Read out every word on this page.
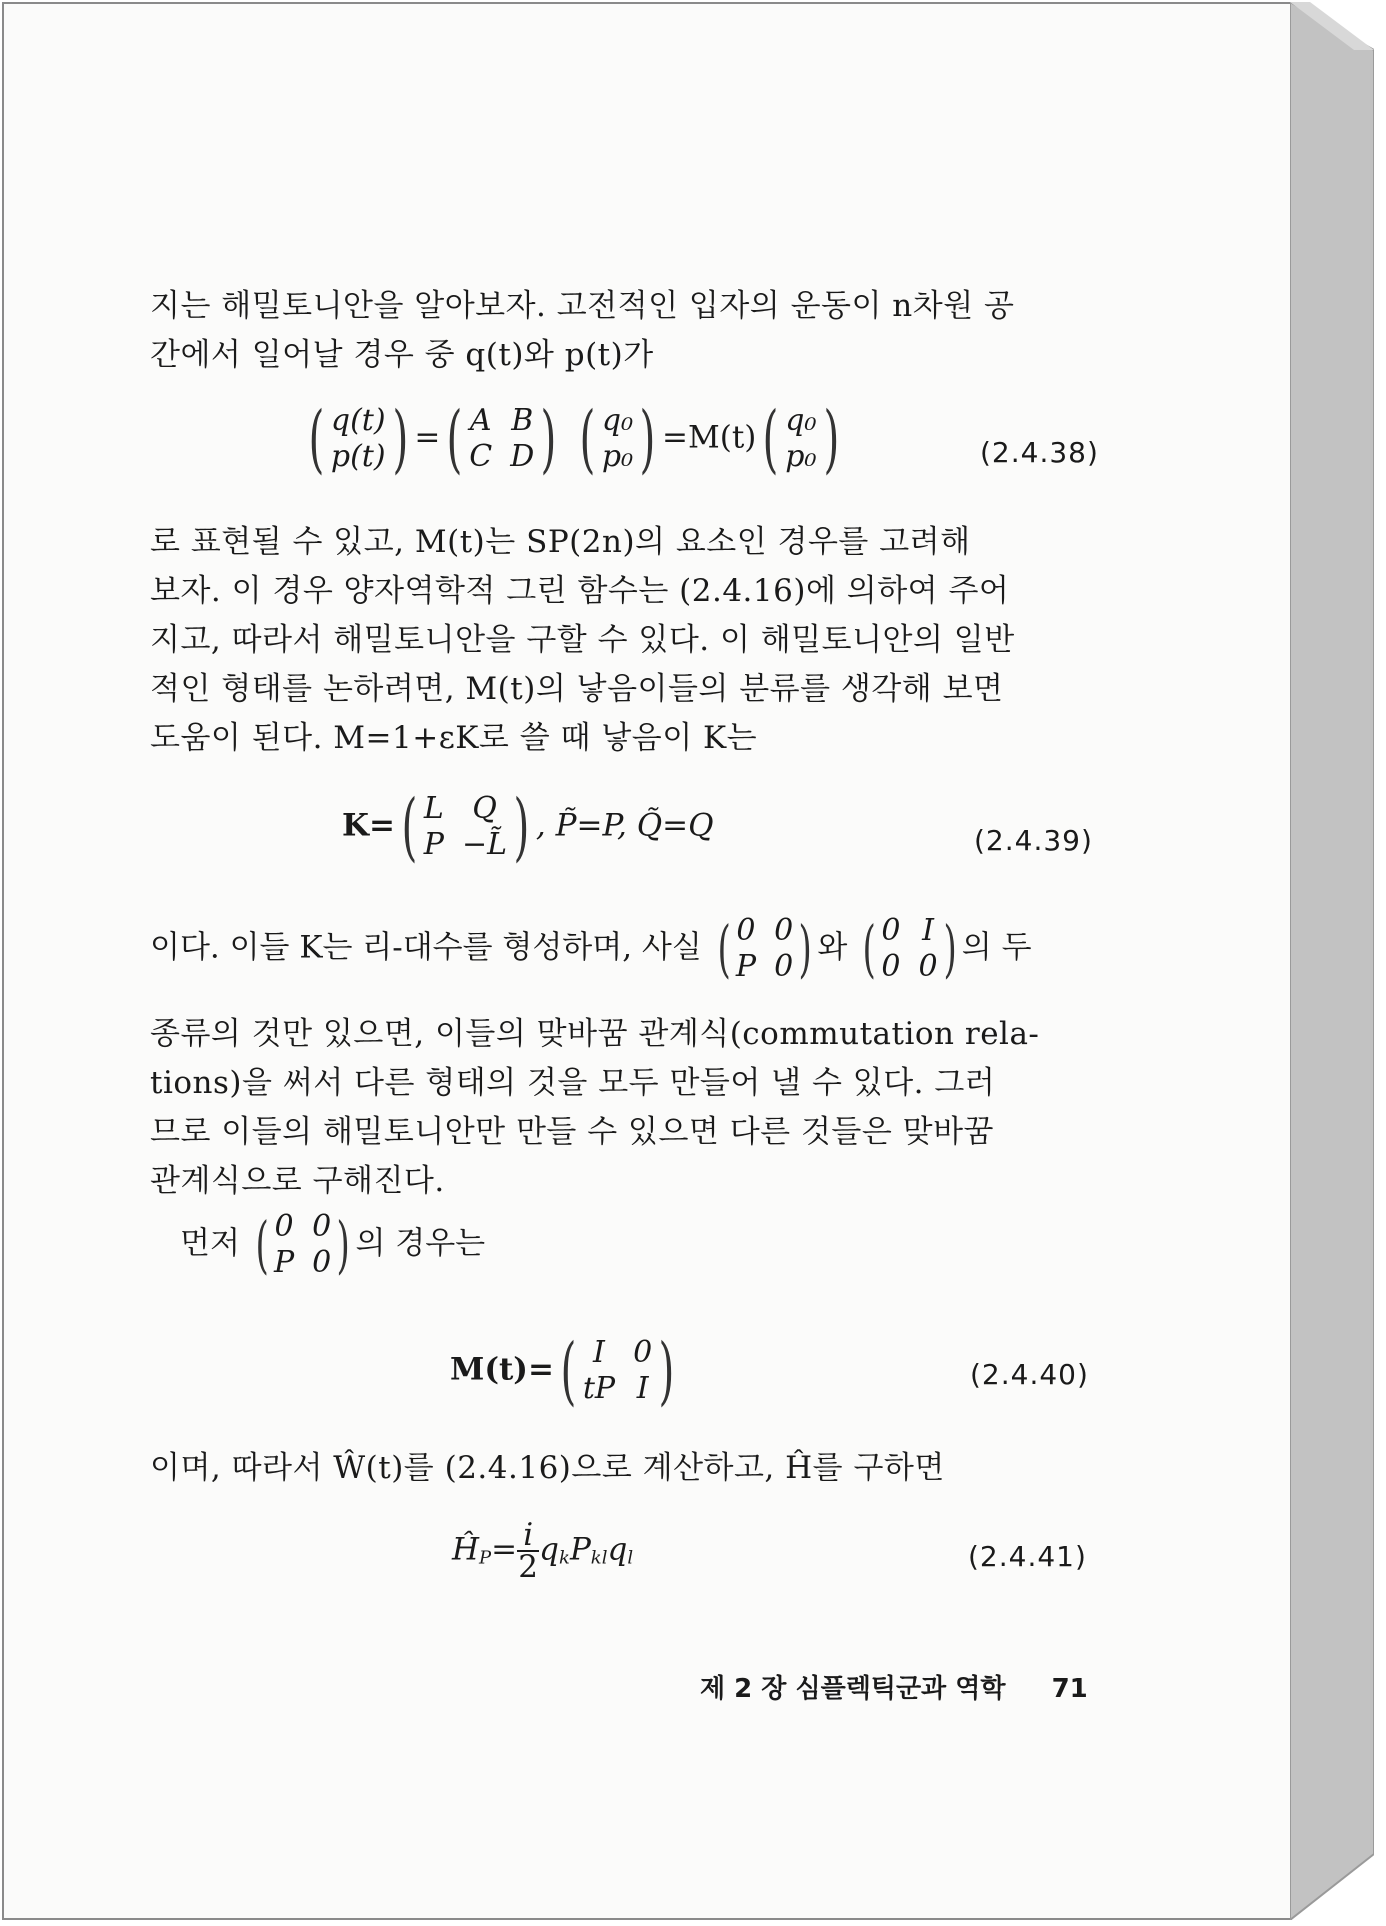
지는 해밀토니안을 알아보자. 고전적인 입자의 운동이 n차원 공
간에서 일어날 경우 중 q(t)와 p(t)가
( q(t)
p(t) ) = ( A B
C D )
( q₀
p₀ ) =M(t) ( q₀
p₀ )	(2.4.38)
로 표현될 수 있고, M(t)는 SP(2n)의 요소인 경우를 고려해
보자. 이 경우 양자역학적 그린 함수는 (2.4.16)에 의하여 주어
지고, 따라서 해밀토니안을 구할 수 있다. 이 해밀토니안의 일반
적인 형태를 논하려면, M(t)의 낳음이들의 분류를 생각해 보면
도움이 된다. M=1+εK로 쓸 때 낳음이 K는
K= ( L Q
P −L̃ ) , P̃=P, Q̃=Q	(2.4.39)
이다. 이들 K는 리-대수를 형성하며, 사실 ( 0 0
P 0 ) 와 ( 0 I
0 0 ) 의 두
종류의 것만 있으면, 이들의 맞바꿈 관계식(commutation rela-
tions)을 써서 다른 형태의 것을 모두 만들어 낼 수 있다. 그러
므로 이들의 해밀토니안만 만들 수 있으면 다른 것들은 맞바꿈
관계식으로 구해진다.
먼저 ( 0 0
P 0 ) 의 경우는
M(t)= ( I 0
tP I )	(2.4.40)
이며, 따라서 Ŵ(t)를 (2.4.16)으로 계산하고, Ĥ를 구하면
$Ĥ_P= \frac{i}{2} q_kP_{kl}q_l$	(2.4.41)
제 2 장 심플렉틱군과 역학 71
